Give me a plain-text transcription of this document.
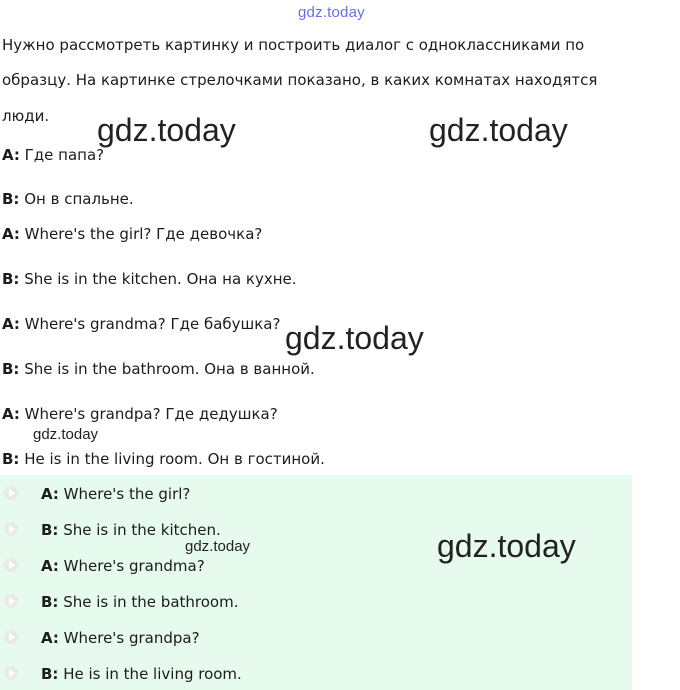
gdz.today
Нужно рассмотреть картинку и построить диалог с одноклассниками по
образцу. На картинке стрелочками показано, в каких комнатах находятся
люди.
A: Где папа?
B: Он в спальне.
A: Where's the girl? Где девочка?
B: She is in the kitchen. Она на кухне.
A: Where's grandma? Где бабушка?
B: She is in the bathroom. Она в ванной.
A: Where's grandpa? Где дедушка?
B: He is in the living room. Он в гостиной.
A: Where's the girl?
B: She is in the kitchen.
A: Where's grandma?
B: She is in the bathroom.
A: Where's grandpa?
B: He is in the living room.
gdz.today	gdz.today
gdz.today
gdz.today
gdz.today	gdz.today
